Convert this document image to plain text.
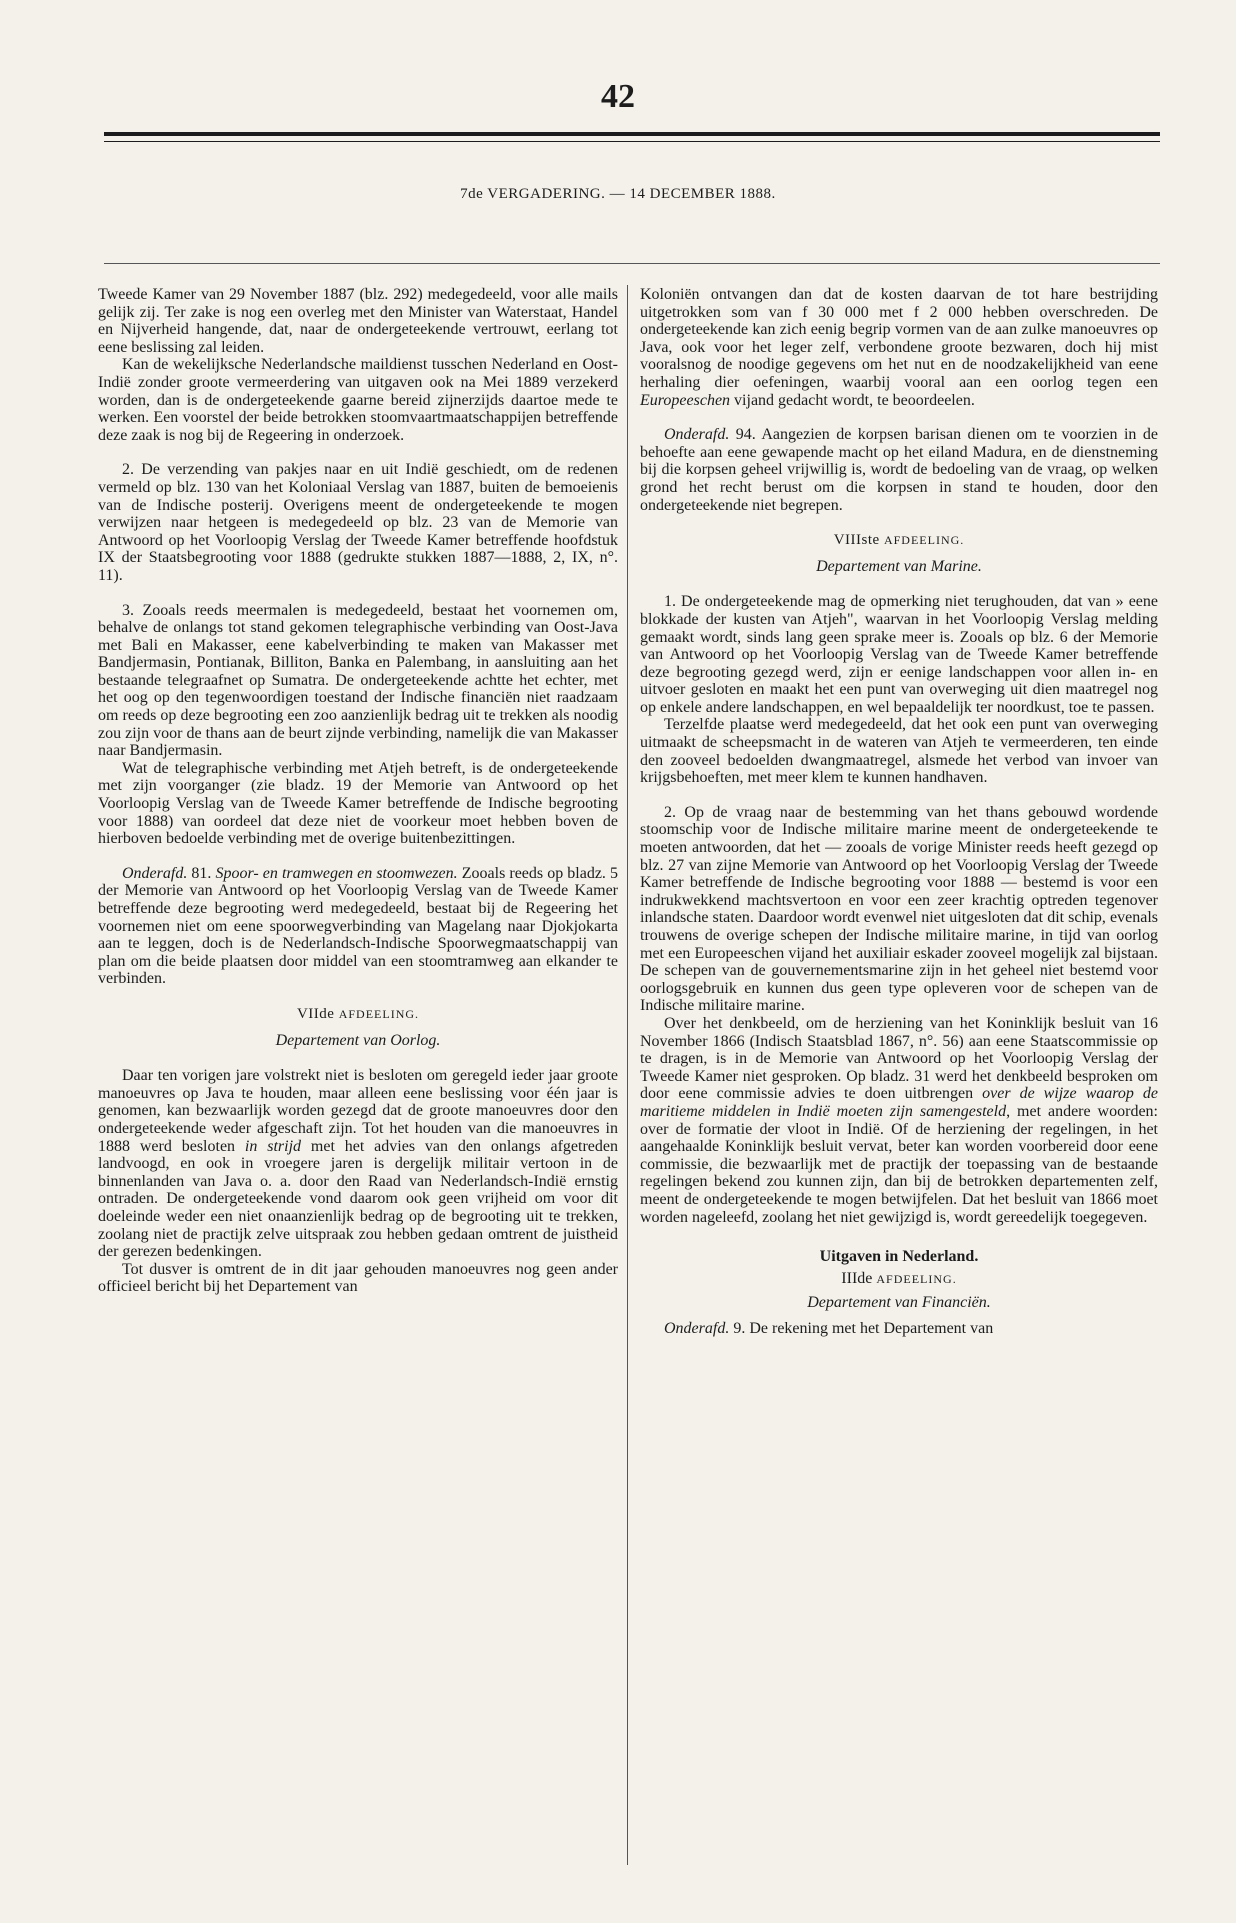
42
7de VERGADERING. — 14 DECEMBER 1888.

Tweede Kamer van 29 November 1887 (blz. 292) medegedeeld, voor alle mails gelijk zij. Ter zake is nog een overleg met den Minister van Waterstaat, Handel en Nijverheid hangende, dat, naar de ondergeteekende vertrouwt, eerlang tot eene beslissing zal leiden.

Kan de wekelijksche Nederlandsche maildienst tusschen Nederland en Oost-Indië zonder groote vermeerdering van uitgaven ook na Mei 1889 verzekerd worden, dan is de ondergeteekende gaarne bereid zijnerzijds daartoe mede te werken. Een voorstel der beide betrokken stoomvaartmaatschappijen betreffende deze zaak is nog bij de Regeering in onderzoek.

2. De verzending van pakjes naar en uit Indië geschiedt, om de redenen vermeld op blz. 130 van het Koloniaal Verslag van 1887, buiten de bemoeienis van de Indische posterij. Overigens meent de ondergeteekende te mogen verwijzen naar hetgeen is medegedeeld op blz. 23 van de Memorie van Antwoord op het Voorloopig Verslag der Tweede Kamer betreffende hoofdstuk IX der Staatsbegrooting voor 1888 (gedrukte stukken 1887—1888, 2, IX, n°. 11).

3. Zooals reeds meermalen is medegedeeld, bestaat het voornemen om, behalve de onlangs tot stand gekomen telegraphische verbinding van Oost-Java met Bali en Makasser, eene kabelverbinding te maken van Makasser met Bandjermasin, Pontianak, Billiton, Banka en Palembang, in aansluiting aan het bestaande telegraafnet op Sumatra. De ondergeteekende achtte het echter, met het oog op den tegenwoordigen toestand der Indische financiën niet raadzaam om reeds op deze begrooting een zoo aanzienlijk bedrag uit te trekken als noodig zou zijn voor de thans aan de beurt zijnde verbinding, namelijk die van Makasser naar Bandjermasin.

Wat de telegraphische verbinding met Atjeh betreft, is de ondergeteekende met zijn voorganger (zie bladz. 19 der Memorie van Antwoord op het Voorloopig Verslag van de Tweede Kamer betreffende de Indische begrooting voor 1888) van oordeel dat deze niet de voorkeur moet hebben boven de hierboven bedoelde verbinding met de overige buitenbezittingen.

Onderafd. 81. Spoor- en tramwegen en stoomwezen. Zooals reeds op bladz. 5 der Memorie van Antwoord op het Voorloopig Verslag van de Tweede Kamer betreffende deze begrooting werd medegedeeld, bestaat bij de Regeering het voornemen niet om eene spoorwegverbinding van Magelang naar Djokjokarta aan te leggen, doch is de Nederlandsch-Indische Spoorwegmaatschappij van plan om die beide plaatsen door middel van een stoomtramweg aan elkander te verbinden.

VIIde AFDEELING.
Departement van Oorlog.

Daar ten vorigen jare volstrekt niet is besloten om geregeld ieder jaar groote manoeuvres op Java te houden, maar alleen eene beslissing voor één jaar is genomen, kan bezwaarlijk worden gezegd dat de groote manoeuvres door den ondergeteekende weder afgeschaft zijn. Tot het houden van die manoeuvres in 1888 werd besloten in strijd met het advies van den onlangs afgetreden landvoogd, en ook in vroegere jaren is dergelijk militair vertoon in de binnenlanden van Java o. a. door den Raad van Nederlandsch-Indië ernstig ontraden. De ondergeteekende vond daarom ook geen vrijheid om voor dit doeleinde weder een niet onaanzienlijk bedrag op de begrooting uit te trekken, zoolang niet de practijk zelve uitspraak zou hebben gedaan omtrent de juistheid der gerezen bedenkingen.

Tot dusver is omtrent de in dit jaar gehouden manoeuvres nog geen ander officieel bericht bij het Departement van

Koloniën ontvangen dan dat de kosten daarvan de tot hare bestrijding uitgetrokken som van f 30 000 met f 2 000 hebben overschreden. De ondergeteekende kan zich eenig begrip vormen van de aan zulke manoeuvres op Java, ook voor het leger zelf, verbondene groote bezwaren, doch hij mist vooralsnog de noodige gegevens om het nut en de noodzakelijkheid van eene herhaling dier oefeningen, waarbij vooral aan een oorlog tegen een Europeeschen vijand gedacht wordt, te beoordeelen.

Onderafd. 94. Aangezien de korpsen barisan dienen om te voorzien in de behoefte aan eene gewapende macht op het eiland Madura, en de dienstneming bij die korpsen geheel vrijwillig is, wordt de bedoeling van de vraag, op welken grond het recht berust om die korpsen in stand te houden, door den ondergeteekende niet begrepen.

VIIIste AFDEELING.
Departement van Marine.

1. De ondergeteekende mag de opmerking niet terughouden, dat van » eene blokkade der kusten van Atjeh", waarvan in het Voorloopig Verslag melding gemaakt wordt, sinds lang geen sprake meer is. Zooals op blz. 6 der Memorie van Antwoord op het Voorloopig Verslag van de Tweede Kamer betreffende deze begrooting gezegd werd, zijn er eenige landschappen voor allen in- en uitvoer gesloten en maakt het een punt van overweging uit dien maatregel nog op enkele andere landschappen, en wel bepaaldelijk ter noordkust, toe te passen.

Terzelfde plaatse werd medegedeeld, dat het ook een punt van overweging uitmaakt de scheepsmacht in de wateren van Atjeh te vermeerderen, ten einde den zooveel bedoelden dwangmaatregel, alsmede het verbod van invoer van krijgsbehoeften, met meer klem te kunnen handhaven.

2. Op de vraag naar de bestemming van het thans gebouwd wordende stoomschip voor de Indische militaire marine meent de ondergeteekende te moeten antwoorden, dat het — zooals de vorige Minister reeds heeft gezegd op blz. 27 van zijne Memorie van Antwoord op het Voorloopig Verslag der Tweede Kamer betreffende de Indische begrooting voor 1888 — bestemd is voor een indrukwekkend machtsvertoon en voor een zeer krachtig optreden tegenover inlandsche staten. Daardoor wordt evenwel niet uitgesloten dat dit schip, evenals trouwens de overige schepen der Indische militaire marine, in tijd van oorlog met een Europeeschen vijand het auxiliair eskader zooveel mogelijk zal bijstaan. De schepen van de gouvernementsmarine zijn in het geheel niet bestemd voor oorlogsgebruik en kunnen dus geen type opleveren voor de schepen van de Indische militaire marine.

Over het denkbeeld, om de herziening van het Koninklijk besluit van 16 November 1866 (Indisch Staatsblad 1867, n°. 56) aan eene Staatscommissie op te dragen, is in de Memorie van Antwoord op het Voorloopig Verslag der Tweede Kamer niet gesproken. Op bladz. 31 werd het denkbeeld besproken om door eene commissie advies te doen uitbrengen over de wijze waarop de maritieme middelen in Indië moeten zijn samengesteld, met andere woorden: over de formatie der vloot in Indië. Of de herziening der regelingen, in het aangehaalde Koninklijk besluit vervat, beter kan worden voorbereid door eene commissie, die bezwaarlijk met de practijk der toepassing van de bestaande regelingen bekend zou kunnen zijn, dan bij de betrokken departementen zelf, meent de ondergeteekende te mogen betwijfelen. Dat het besluit van 1866 moet worden nageleefd, zoolang het niet gewijzigd is, wordt gereedelijk toegegeven.

Uitgaven in Nederland.
IIIde AFDEELING.
Departement van Financiën.

Onderafd. 9. De rekening met het Departement van
